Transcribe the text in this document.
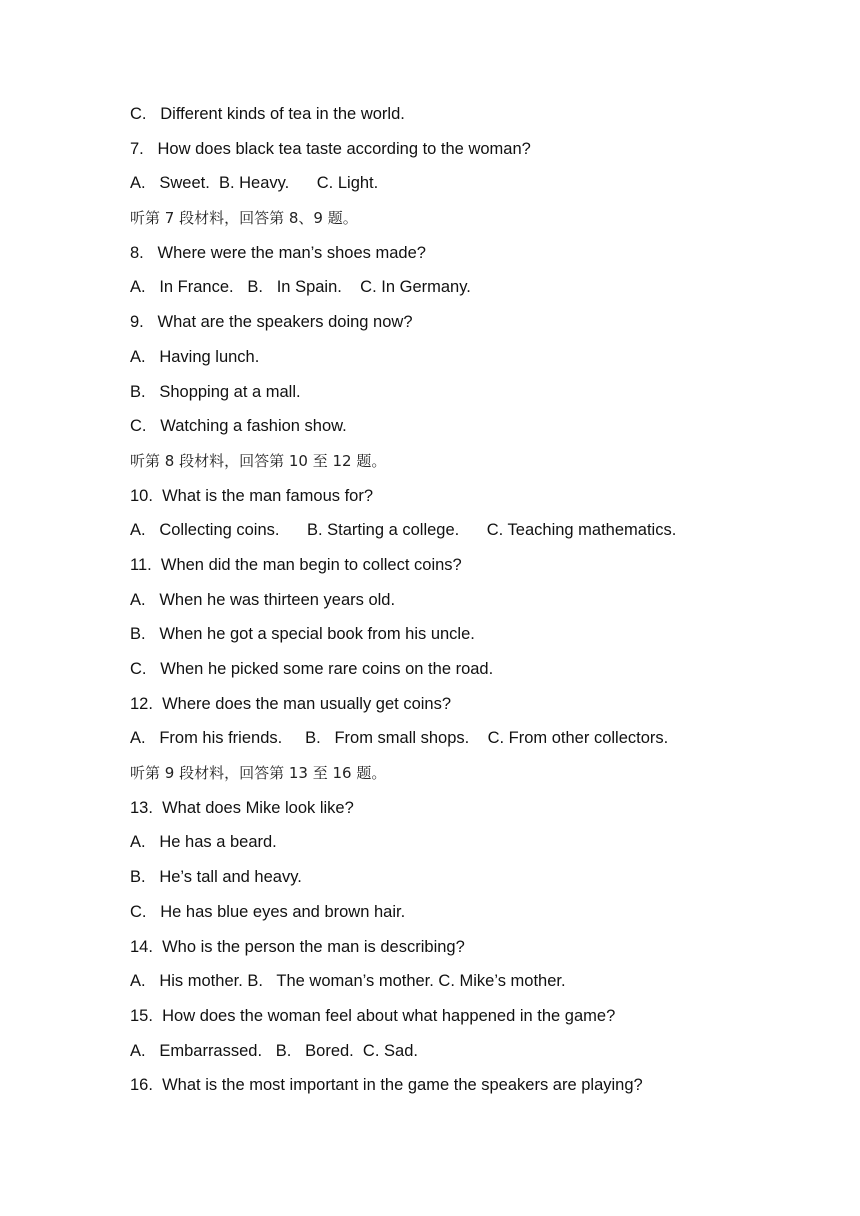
C.   Different kinds of tea in the world.
7.   How does black tea taste according to the woman?
A.   Sweet.  B. Heavy.      C. Light.
听第 7 段材料，回答第 8、9 题。
8.   Where were the man’s shoes made?
A.   In France.   B.   In Spain.    C. In Germany.
9.   What are the speakers doing now?
A.   Having lunch.
B.   Shopping at a mall.
C.   Watching a fashion show.
听第 8 段材料，回答第 10 至 12 题。
10.  What is the man famous for?
A.   Collecting coins.      B. Starting a college.      C. Teaching mathematics.
11.  When did the man begin to collect coins?
A.   When he was thirteen years old.
B.   When he got a special book from his uncle.
C.   When he picked some rare coins on the road.
12.  Where does the man usually get coins?
A.   From his friends.     B.   From small shops.    C. From other collectors.
听第 9 段材料，回答第 13 至 16 题。
13.  What does Mike look like?
A.   He has a beard.
B.   He’s tall and heavy.
C.   He has blue eyes and brown hair.
14.  Who is the person the man is describing?
A.   His mother. B.   The woman’s mother. C. Mike’s mother.
15.  How does the woman feel about what happened in the game?
A.   Embarrassed.   B.   Bored.  C. Sad.
16.  What is the most important in the game the speakers are playing?
